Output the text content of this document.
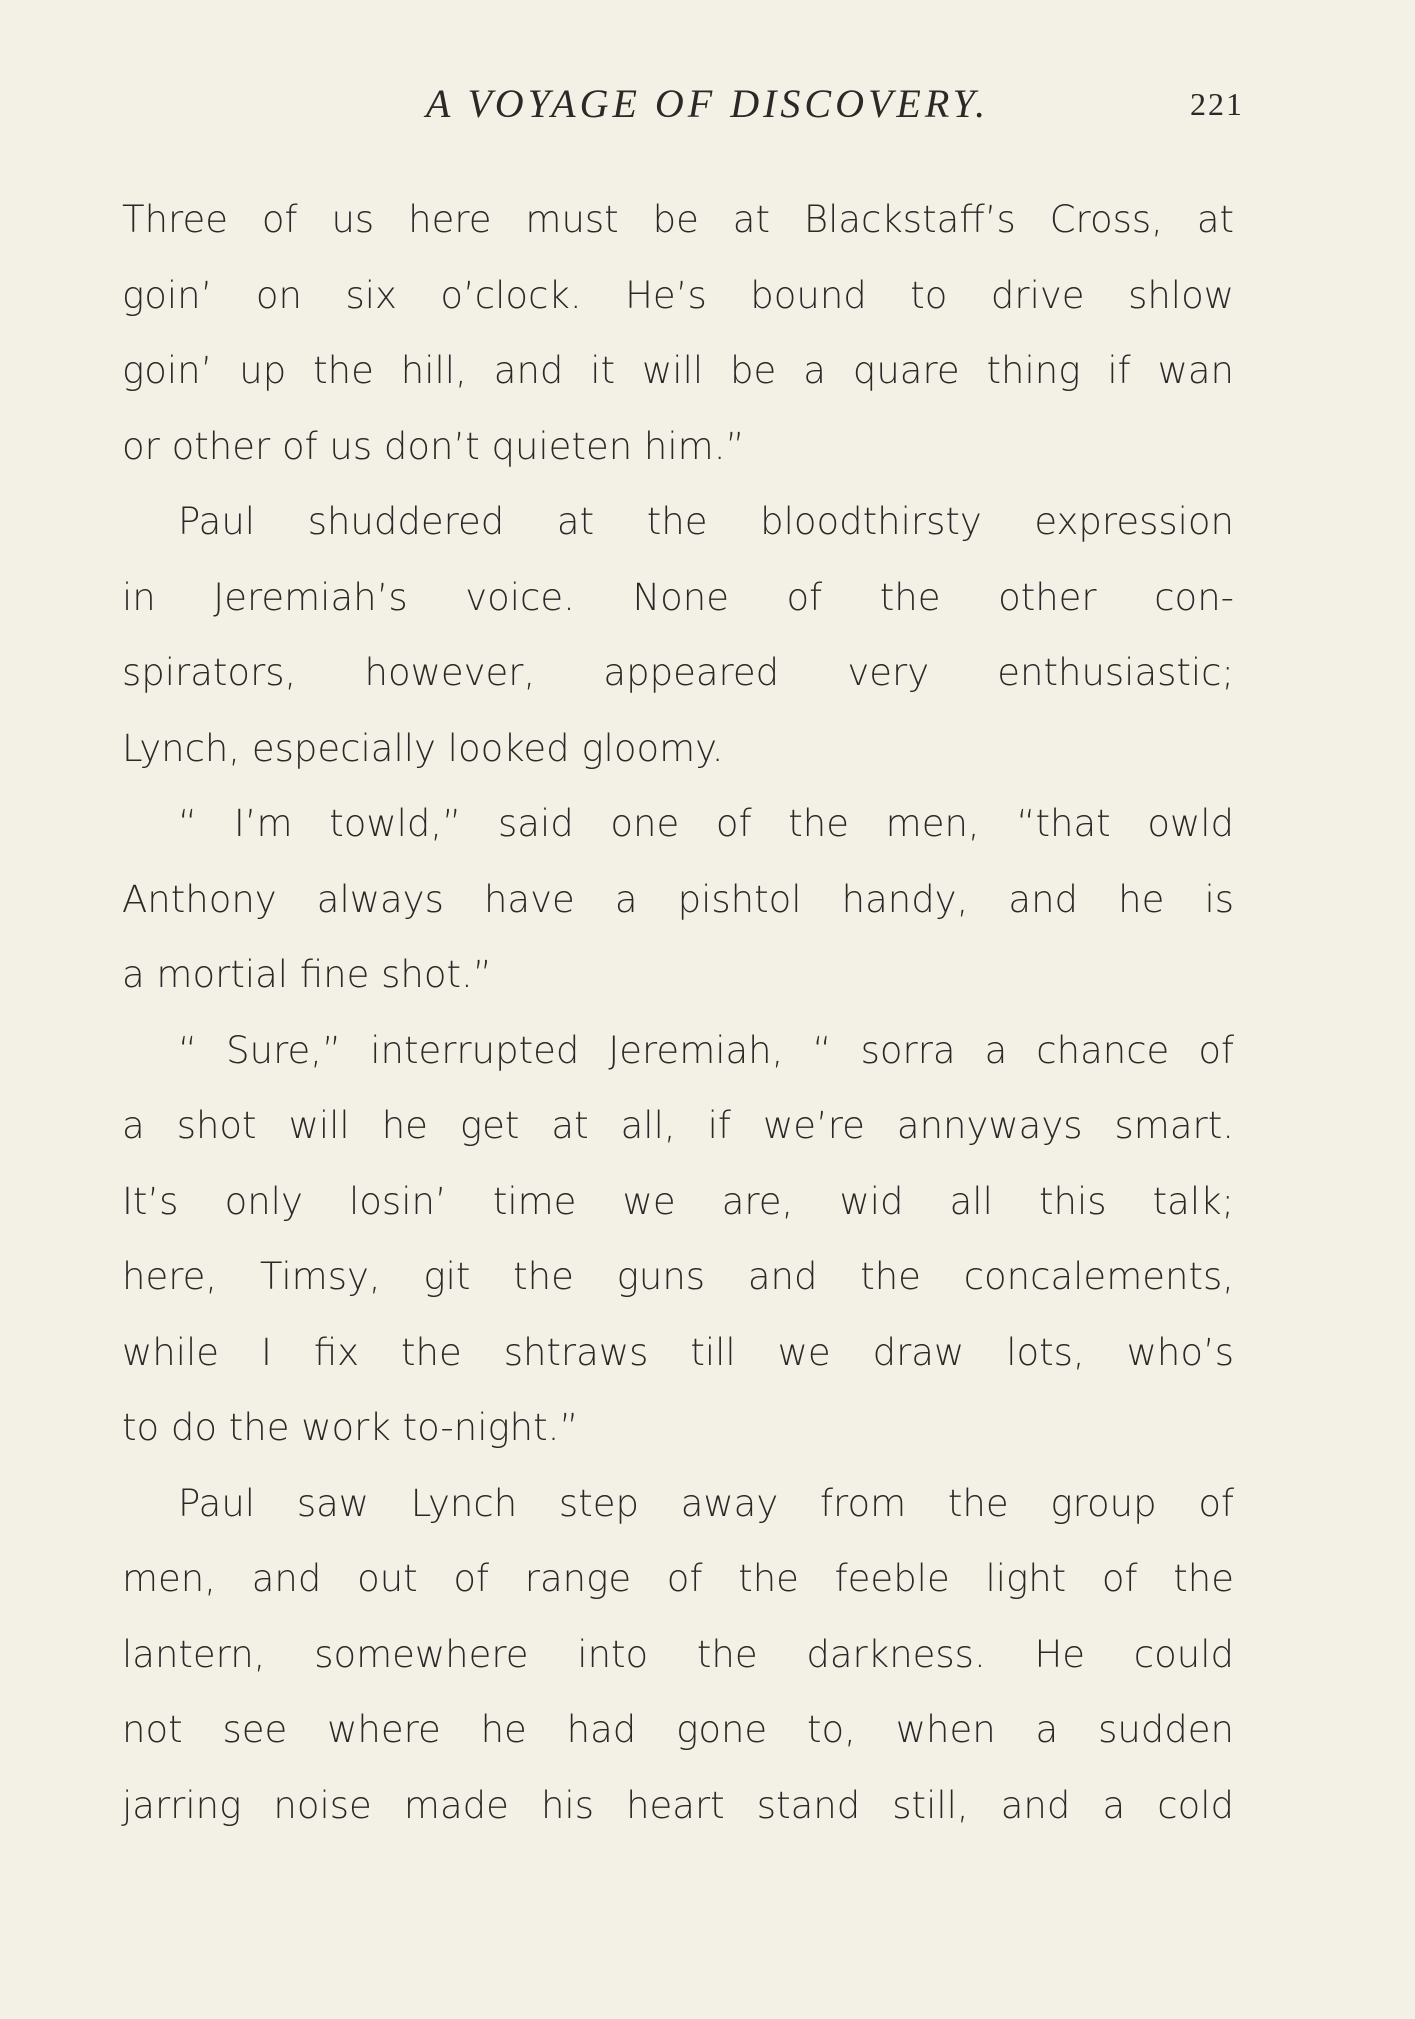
A VOYAGE OF DISCOVERY.	221
Three of us here must be at Blackstaff’s Cross, at
goin’ on six o’clock. He’s bound to drive shlow
goin’ up the hill, and it will be a quare thing if wan
or other of us don’t quieten him.”
Paul shuddered at the bloodthirsty expression
in Jeremiah’s voice. None of the other con-
spirators, however, appeared very enthusiastic;
Lynch, especially looked gloomy.
“ I’m towld,” said one of the men, “that owld
Anthony always have a pishtol handy, and he is
a mortial fine shot.”
“ Sure,” interrupted Jeremiah, “ sorra a chance of
a shot will he get at all, if we’re annyways smart.
It’s only losin’ time we are, wid all this talk;
here, Timsy, git the guns and the concalements,
while I fix the shtraws till we draw lots, who’s
to do the work to-night.”
Paul saw Lynch step away from the group of
men, and out of range of the feeble light of the
lantern, somewhere into the darkness. He could
not see where he had gone to, when a sudden
jarring noise made his heart stand still, and a cold
